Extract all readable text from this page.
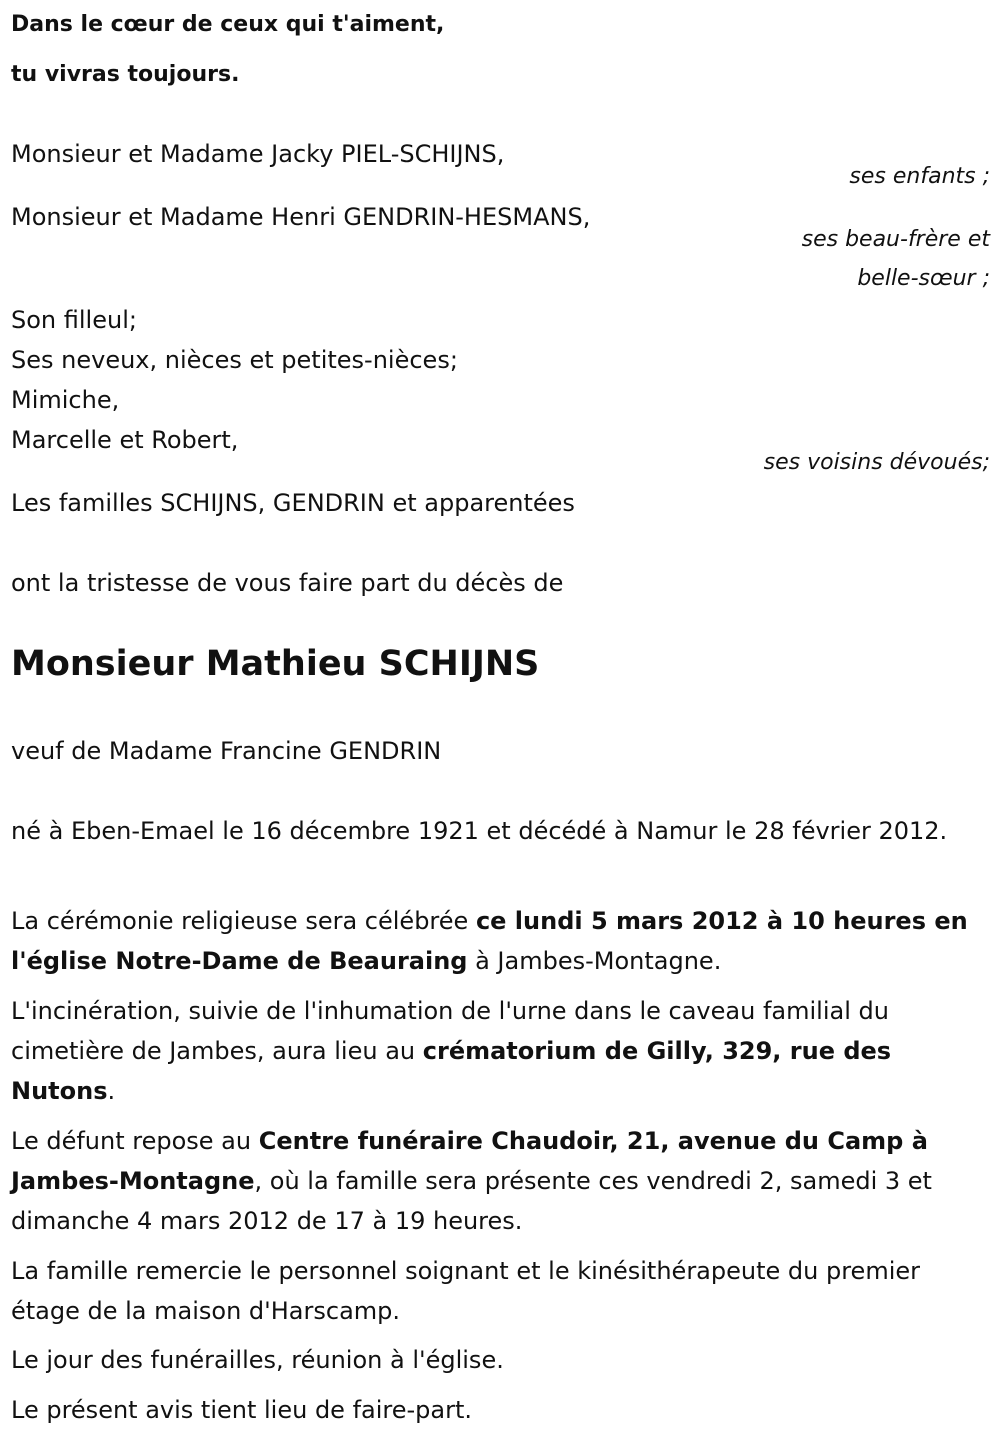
Dans le cœur de ceux qui t'aiment,
tu vivras toujours.
Monsieur et Madame Jacky PIEL-SCHIJNS,
ses enfants ;
Monsieur et Madame Henri GENDRIN-HESMANS,
ses beau-frère et
belle-sœur ;
Son filleul;
Ses neveux, nièces et petites-nièces;
Mimiche,
Marcelle et Robert,
ses voisins dévoués;
Les familles SCHIJNS, GENDRIN et apparentées
ont la tristesse de vous faire part du décès de
Monsieur Mathieu SCHIJNS
veuf de Madame Francine GENDRIN
né à Eben-Emael le 16 décembre 1921 et décédé à Namur le 28 février 2012.
La cérémonie religieuse sera célébrée ce lundi 5 mars 2012 à 10 heures en l'église Notre-Dame de Beauraing à Jambes-Montagne.
L'incinération, suivie de l'inhumation de l'urne dans le caveau familial du cimetière de Jambes, aura lieu au crématorium de Gilly, 329, rue des Nutons.
Le défunt repose au Centre funéraire Chaudoir, 21, avenue du Camp à Jambes-Montagne, où la famille sera présente ces vendredi 2, samedi 3 et dimanche 4 mars 2012 de 17 à 19 heures.
La famille remercie le personnel soignant et le kinésithérapeute du premier étage de la maison d'Harscamp.
Le jour des funérailles, réunion à l'église.
Le présent avis tient lieu de faire-part.
